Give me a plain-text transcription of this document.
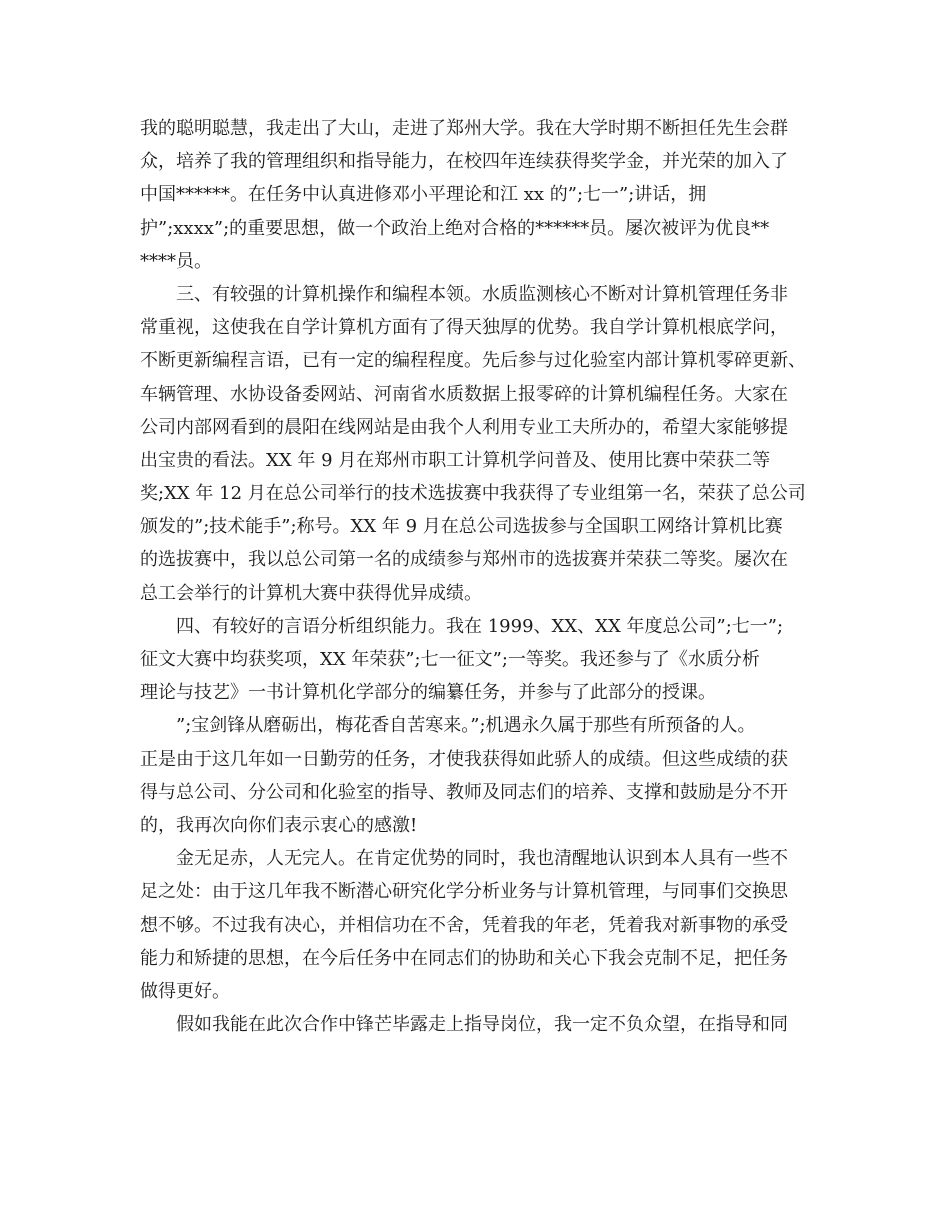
我的聪明聪慧，我走出了大山，走进了郑州大学。我在大学时期不断担任先生会群
众，培养了我的管理组织和指导能力，在校四年连续获得奖学金，并光荣的加入了
中国******。在任务中认真进修邓小平理论和江 xx 的”;七一”;讲话，拥
护”;xxxx”;的重要思想，做一个政治上绝对合格的******员。屡次被评为优良**
****员。
三、有较强的计算机操作和编程本领。水质监测核心不断对计算机管理任务非
常重视，这使我在自学计算机方面有了得天独厚的优势。我自学计算机根底学问，
不断更新编程言语，已有一定的编程程度。先后参与过化验室内部计算机零碎更新、
车辆管理、水协设备委网站、河南省水质数据上报零碎的计算机编程任务。大家在
公司内部网看到的晨阳在线网站是由我个人利用专业工夫所办的，希望大家能够提
出宝贵的看法。XX 年 9 月在郑州市职工计算机学问普及、使用比赛中荣获二等
奖;XX 年 12 月在总公司举行的技术选拔赛中我获得了专业组第一名，荣获了总公司
颁发的”;技术能手”;称号。XX 年 9 月在总公司选拔参与全国职工网络计算机比赛
的选拔赛中，我以总公司第一名的成绩参与郑州市的选拔赛并荣获二等奖。屡次在
总工会举行的计算机大赛中获得优异成绩。
四、有较好的言语分析组织能力。我在 1999、XX、XX 年度总公司”;七一”;
征文大赛中均获奖项，XX 年荣获”;七一征文”;一等奖。我还参与了《水质分析
理论与技艺》一书计算机化学部分的编纂任务，并参与了此部分的授课。
”;宝剑锋从磨砺出，梅花香自苦寒来。”;机遇永久属于那些有所预备的人。
正是由于这几年如一日勤劳的任务，才使我获得如此骄人的成绩。但这些成绩的获
得与总公司、分公司和化验室的指导、教师及同志们的培养、支撑和鼓励是分不开
的，我再次向你们表示衷心的感激!
金无足赤，人无完人。在肯定优势的同时，我也清醒地认识到本人具有一些不
足之处：由于这几年我不断潜心研究化学分析业务与计算机管理，与同事们交换思
想不够。不过我有决心，并相信功在不舍，凭着我的年老，凭着我对新事物的承受
能力和矫捷的思想，在今后任务中在同志们的协助和关心下我会克制不足，把任务
做得更好。
假如我能在此次合作中锋芒毕露走上指导岗位，我一定不负众望，在指导和同
